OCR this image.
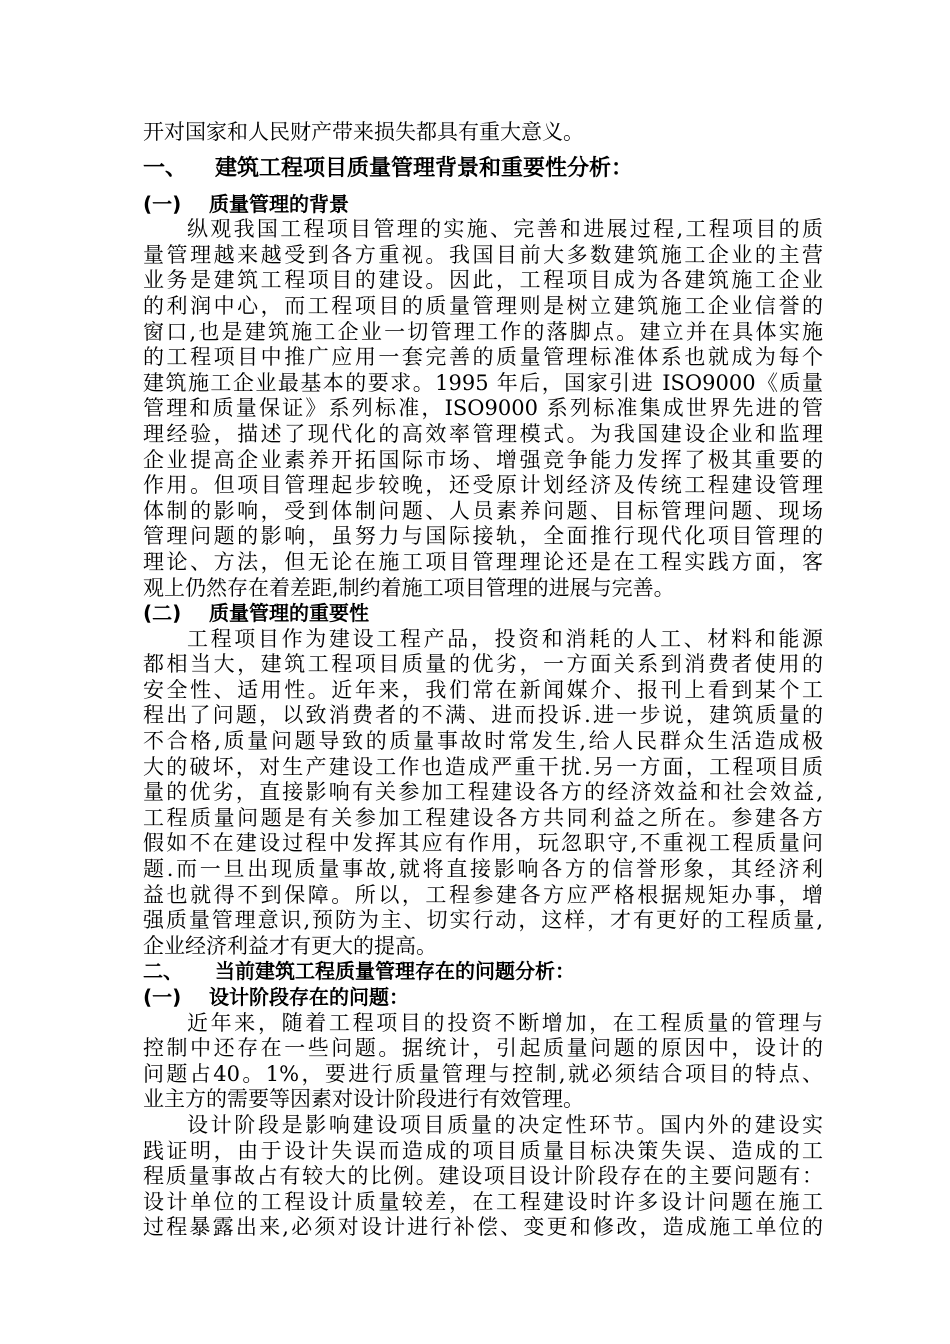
开对国家和人民财产带来损失都具有重大意义。
一、 建筑工程项目质量管理背景和重要性分析：
(一) 质量管理的背景
纵观我国工程项目管理的实施、完善和进展过程,工程项目的质
量管理越来越受到各方重视。我国目前大多数建筑施工企业的主营
业务是建筑工程项目的建设。因此，工程项目成为各建筑施工企业
的利润中心，而工程项目的质量管理则是树立建筑施工企业信誉的
窗口,也是建筑施工企业一切管理工作的落脚点。建立并在具体实施
的工程项目中推广应用一套完善的质量管理标准体系也就成为每个
建筑施工企业最基本的要求。1995 年后，国家引进 ISO9000《质量
管理和质量保证》系列标准，ISO9000 系列标准集成世界先进的管
理经验，描述了现代化的高效率管理模式。为我国建设企业和监理
企业提高企业素养开拓国际市场、增强竞争能力发挥了极其重要的
作用。但项目管理起步较晚，还受原计划经济及传统工程建设管理
体制的影响，受到体制问题、人员素养问题、目标管理问题、现场
管理问题的影响，虽努力与国际接轨，全面推行现代化项目管理的
理论、方法，但无论在施工项目管理理论还是在工程实践方面，客
观上仍然存在着差距,制约着施工项目管理的进展与完善。
(二) 质量管理的重要性
工程项目作为建设工程产品，投资和消耗的人工、材料和能源
都相当大，建筑工程项目质量的优劣，一方面关系到消费者使用的
安全性、适用性。近年来，我们常在新闻媒介、报刊上看到某个工
程出了问题，以致消费者的不满、进而投诉.进一步说，建筑质量的
不合格,质量问题导致的质量事故时常发生,给人民群众生活造成极
大的破坏，对生产建设工作也造成严重干扰.另一方面，工程项目质
量的优劣，直接影响有关参加工程建设各方的经济效益和社会效益,
工程质量问题是有关参加工程建设各方共同利益之所在。参建各方
假如不在建设过程中发挥其应有作用，玩忽职守,不重视工程质量问
题.而一旦出现质量事故,就将直接影响各方的信誉形象，其经济利
益也就得不到保障。所以，工程参建各方应严格根据规矩办事，增
强质量管理意识,预防为主、切实行动，这样，才有更好的工程质量,
企业经济利益才有更大的提高。
二、 当前建筑工程质量管理存在的问题分析：
(一) 设计阶段存在的问题：
近年来，随着工程项目的投资不断增加，在工程质量的管理与
控制中还存在一些问题。据统计，引起质量问题的原因中，设计的
问题占40。1%，要进行质量管理与控制,就必须结合项目的特点、
业主方的需要等因素对设计阶段进行有效管理。
设计阶段是影响建设项目质量的决定性环节。国内外的建设实
践证明，由于设计失误而造成的项目质量目标决策失误、造成的工
程质量事故占有较大的比例。建设项目设计阶段存在的主要问题有：
设计单位的工程设计质量较差，在工程建设时许多设计问题在施工
过程暴露出来,必须对设计进行补偿、变更和修改，造成施工单位的
